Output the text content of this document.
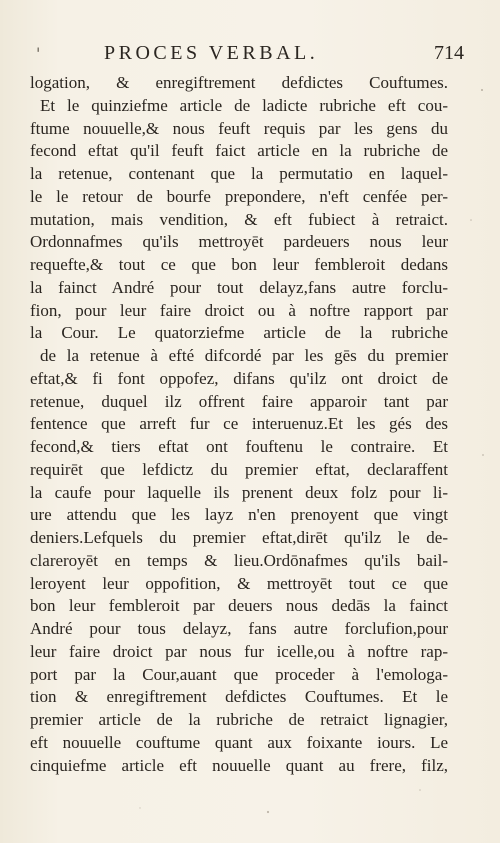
'	PROCES VERBAL.	714
logation, & enregiftrement defdictes Couftumes.
Et le quinziefme article de ladicte rubriche eft cou-
ftume nouuelle,& nous feuft requis par les gens du
fecond eftat qu'il feuft faict article en la rubriche de
la retenue, contenant que la permutatio en laquel-
le le retour de bourfe prepondere, n'eft cenfée per-
mutation, mais vendition, & eft fubiect à retraict.
Ordonnafmes qu'ils mettroyēt pardeuers nous leur
requefte,& tout ce que bon leur fembleroit dedans
la fainct André pour tout delayz,fans autre forclu-
fion, pour leur faire droict ou à noftre rapport par
la Cour. Le quatorziefme article de la rubriche
de la retenue à efté difcordé par les gēs du premier
eftat,& fi font oppofez, difans qu'ilz ont droict de
retenue, duquel ilz offrent faire apparoir tant par
fentence que arreft fur ce interuenuz.Et les gés des
fecond,& tiers eftat ont fouftenu le contraire. Et
requirēt que lefdictz du premier eftat, declaraffent
la caufe pour laquelle ils prenent deux folz pour li-
ure attendu que les layz n'en prenoyent que vingt
deniers.Lefquels du premier eftat,dirēt qu'ilz le de-
clareroyēt en temps & lieu.Ordōnafmes qu'ils bail-
leroyent leur oppofition, & mettroyēt tout ce que
bon leur fembleroit par deuers nous dedās la fainct
André pour tous delayz, fans autre forclufion,pour
leur faire droict par nous fur icelle,ou à noftre rap-
port par la Cour,auant que proceder à l'emologa-
tion & enregiftrement defdictes Couftumes. Et le
premier article de la rubriche de retraict lignagier,
eft nouuelle couftume quant aux foixante iours. Le
cinquiefme article eft nouuelle quant au frere, filz,
